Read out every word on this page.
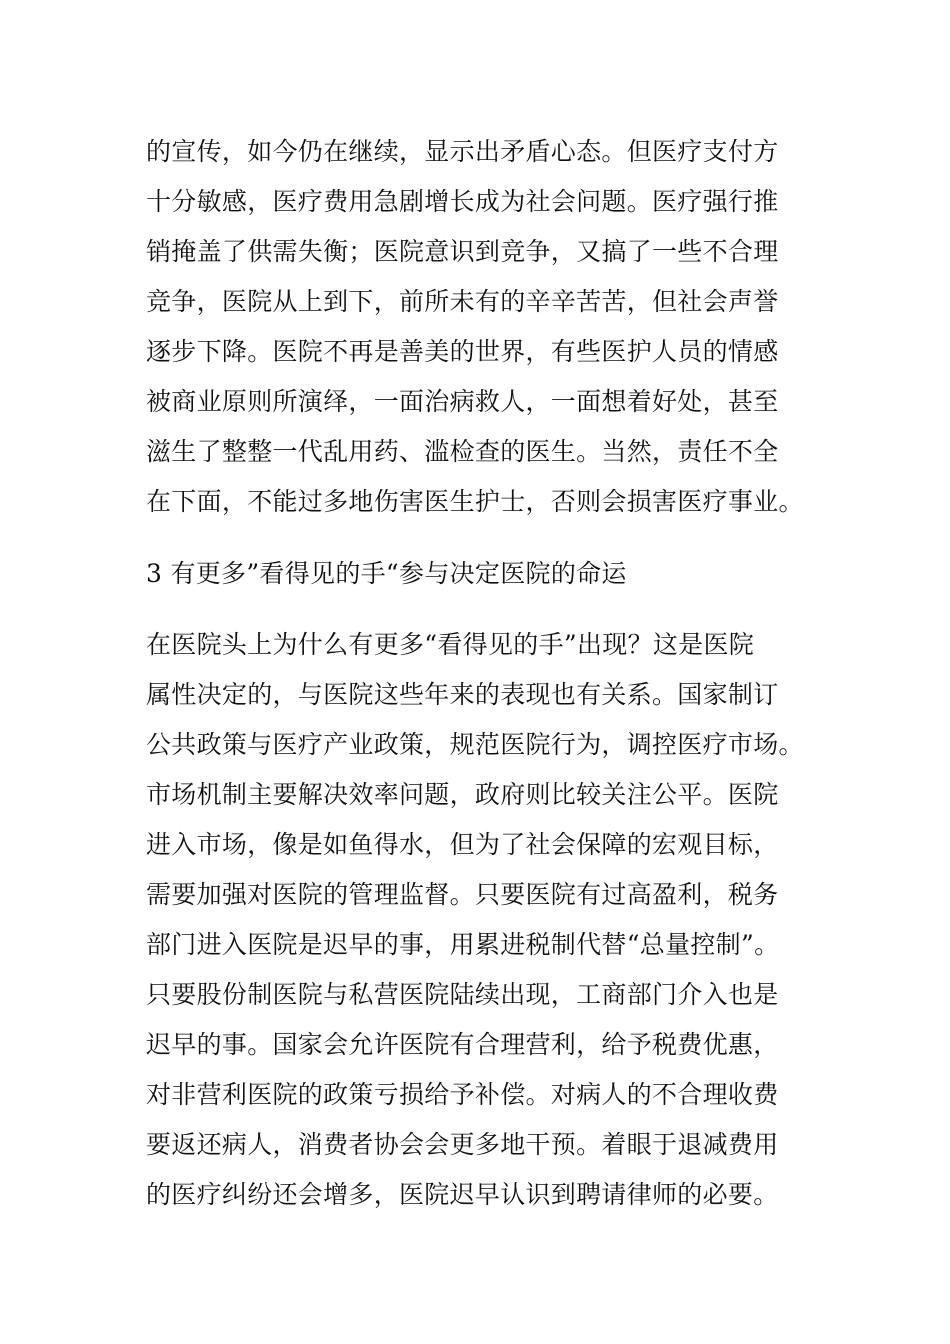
的宣传，如今仍在继续，显示出矛盾心态。但医疗支付方
十分敏感，医疗费用急剧增长成为社会问题。医疗强行推
销掩盖了供需失衡；医院意识到竞争，又搞了一些不合理
竞争，医院从上到下，前所未有的辛辛苦苦，但社会声誉
逐步下降。医院不再是善美的世界，有些医护人员的情感
被商业原则所演绎，一面治病救人，一面想着好处，甚至
滋生了整整一代乱用药、滥检查的医生。当然，责任不全
在下面，不能过多地伤害医生护士，否则会损害医疗事业。
3 有更多”看得见的手“参与决定医院的命运
在医院头上为什么有更多“看得见的手”出现？这是医院
属性决定的，与医院这些年来的表现也有关系。国家制订
公共政策与医疗产业政策，规范医院行为，调控医疗市场。
市场机制主要解决效率问题，政府则比较关注公平。医院
进入市场，像是如鱼得水，但为了社会保障的宏观目标，
需要加强对医院的管理监督。只要医院有过高盈利，税务
部门进入医院是迟早的事，用累进税制代替“总量控制”。
只要股份制医院与私营医院陆续出现，工商部门介入也是
迟早的事。国家会允许医院有合理营利，给予税费优惠，
对非营利医院的政策亏损给予补偿。对病人的不合理收费
要返还病人，消费者协会会更多地干预。着眼于退减费用
的医疗纠纷还会增多，医院迟早认识到聘请律师的必要。
